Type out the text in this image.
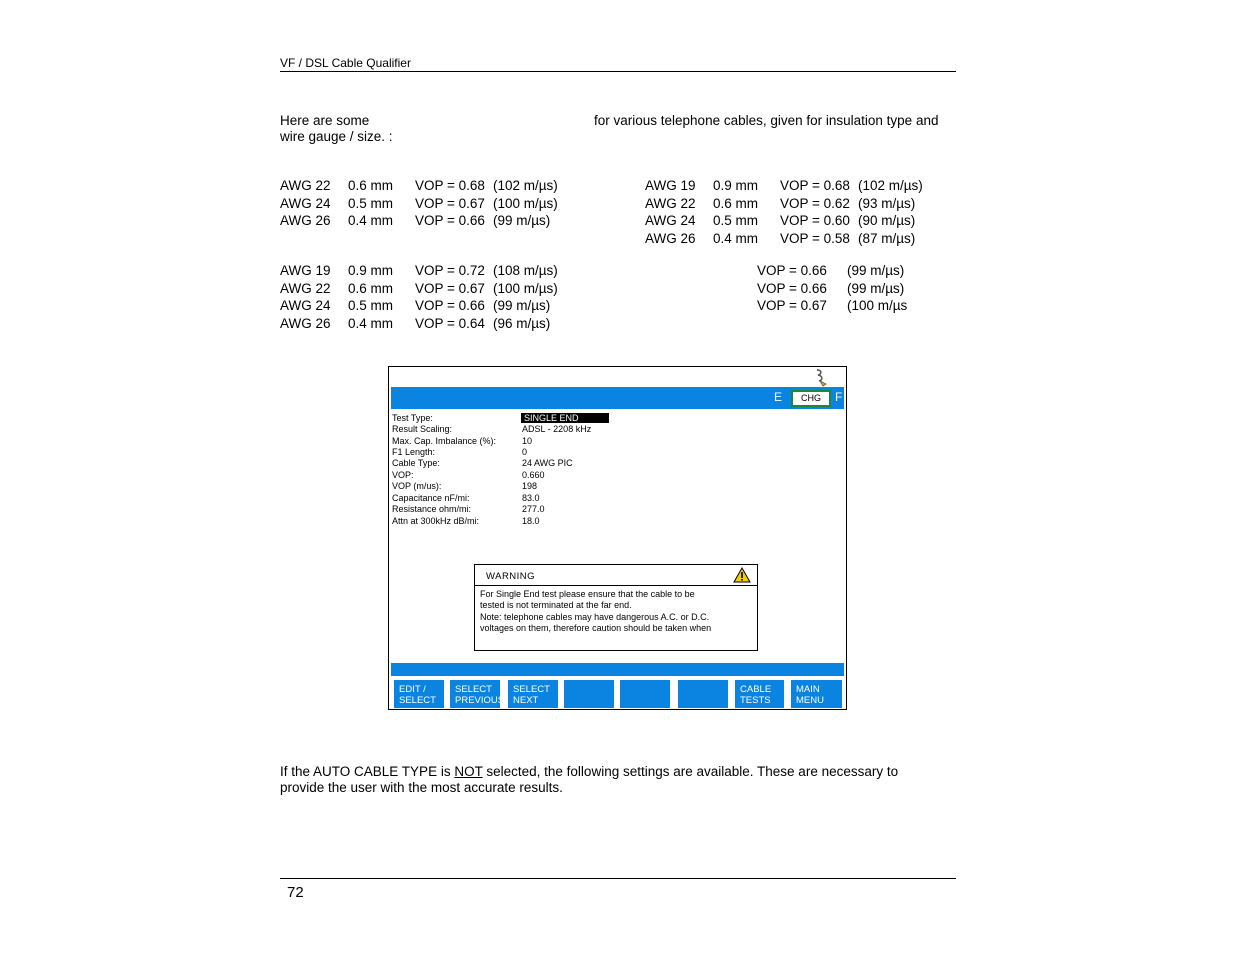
VF / DSL Cable Qualifier
Here are some	for various telephone cables, given for insulation type and
wire gauge / size. :
AWG 22 0.6 mm VOP = 0.68 (102 m/µs)
AWG 24 0.5 mm VOP = 0.67 (100 m/µs)
AWG 26 0.4 mm VOP = 0.66 (99 m/µs)
AWG 19 0.9 mm VOP = 0.68 (102 m/µs)
AWG 22 0.6 mm VOP = 0.62 (93 m/µs)
AWG 24 0.5 mm VOP = 0.60 (90 m/µs)
AWG 26 0.4 mm VOP = 0.58 (87 m/µs)
AWG 19 0.9 mm VOP = 0.72 (108 m/µs)
AWG 22 0.6 mm VOP = 0.67 (100 m/µs)
AWG 24 0.5 mm VOP = 0.66 (99 m/µs)
AWG 26 0.4 mm VOP = 0.64 (96 m/µs)
VOP = 0.66 (99 m/µs)
VOP = 0.66 (99 m/µs)
VOP = 0.67 (100 m/µs
E	CHG	F
Test Type:	SINGLE END
Result Scaling:	ADSL - 2208 kHz
Max. Cap. Imbalance (%):	10
F1 Length:	0
Cable Type:	24 AWG PIC
VOP:	0.660
VOP (m/us):	198
Capacitance nF/mi:	83.0
Resistance ohm/mi:	277.0
Attn at 300kHz dB/mi:	18.0
WARNING
For Single End test please ensure that the cable to be
tested is not terminated at the far end.
Note: telephone cables may have dangerous A.C. or D.C.
voltages on them, therefore caution should be taken when
EDIT /
SELECT
SELECT
PREVIOUS
SELECT
NEXT
CABLE
TESTS
MAIN
MENU
If the AUTO CABLE TYPE is NOT selected, the following settings are available. These are necessary to
provide the user with the most accurate results.
72
